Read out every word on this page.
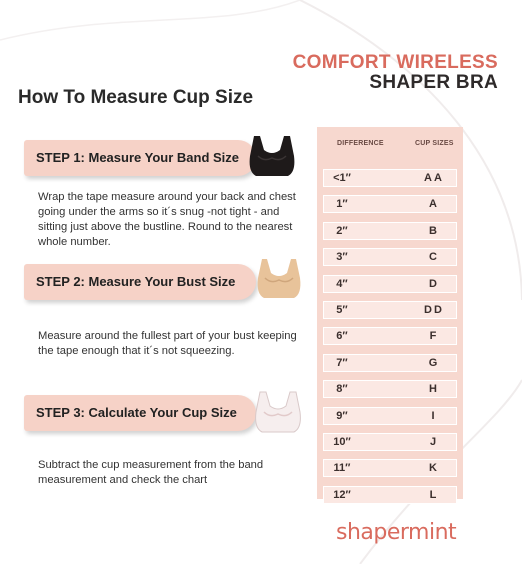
COMFORT WIRELESS
SHAPER BRA
How To Measure Cup Size
STEP 1: Measure Your Band Size
Wrap the tape measure around your back and chest going under the arms so it´s snug -not tight - and sitting just above the bustline. Round to the nearest whole number.
STEP 2: Measure Your Bust Size
Measure around the fullest part of your bust keeping the tape enough that it´s not squeezing.
STEP 3: Calculate Your Cup Size
Subtract the cup measurement from the band measurement and check the chart
DIFFERENCE	CUP SIZES
<1″	AA
1″	A
2″	B
3″	C
4″	D
5″	DD
6″	F
7″	G
8″	H
9″	I
10″	J
11″	K
12″	L
shapermint
